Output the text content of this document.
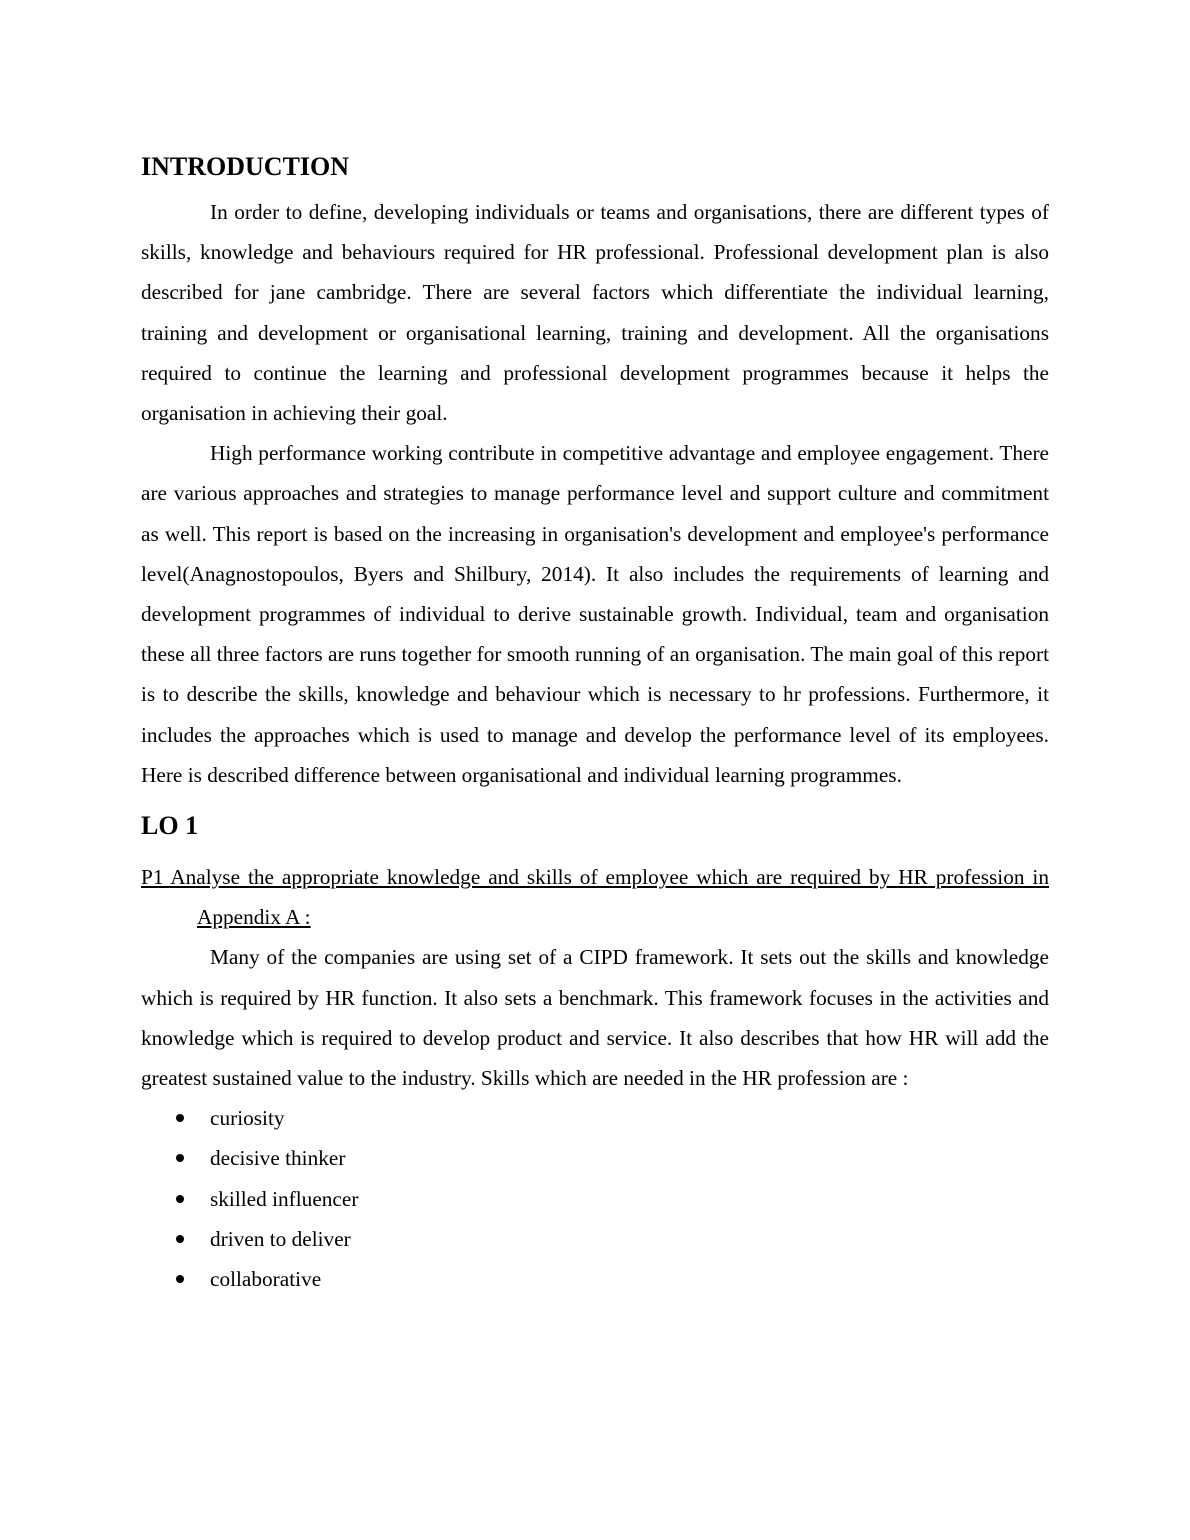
INTRODUCTION

In order to define, developing individuals or teams and organisations, there are different types of skills, knowledge and behaviours required for HR professional. Professional development plan is also described for jane cambridge. There are several factors which differentiate the individual learning, training and development or organisational learning, training and development. All the organisations required to continue the learning and professional development programmes because it helps the organisation in achieving their goal.

High performance working contribute in competitive advantage and employee engagement. There are various approaches and strategies to manage performance level and support culture and commitment as well. This report is based on the increasing in organisation's development and employee's performance level(Anagnostopoulos, Byers and Shilbury, 2014). It also includes the requirements of learning and development programmes of individual to derive sustainable growth. Individual, team and organisation these all three factors are runs together for smooth running of an organisation. The main goal of this report is to describe the skills, knowledge and behaviour which is necessary to hr professions. Furthermore, it includes the approaches which is used to manage and develop the performance level of its employees. Here is described difference between organisational and individual learning programmes.

LO 1

P1 Analyse the appropriate knowledge and skills of employee which are required by HR profession in Appendix A :

Many of the companies are using set of a CIPD framework. It sets out the skills and knowledge which is required by HR function. It also sets a benchmark. This framework focuses in the activities and knowledge which is required to develop product and service. It also describes that how HR will add the greatest sustained value to the industry. Skills which are needed in the HR profession are :

curiosity
decisive thinker
skilled influencer
driven to deliver
collaborative
